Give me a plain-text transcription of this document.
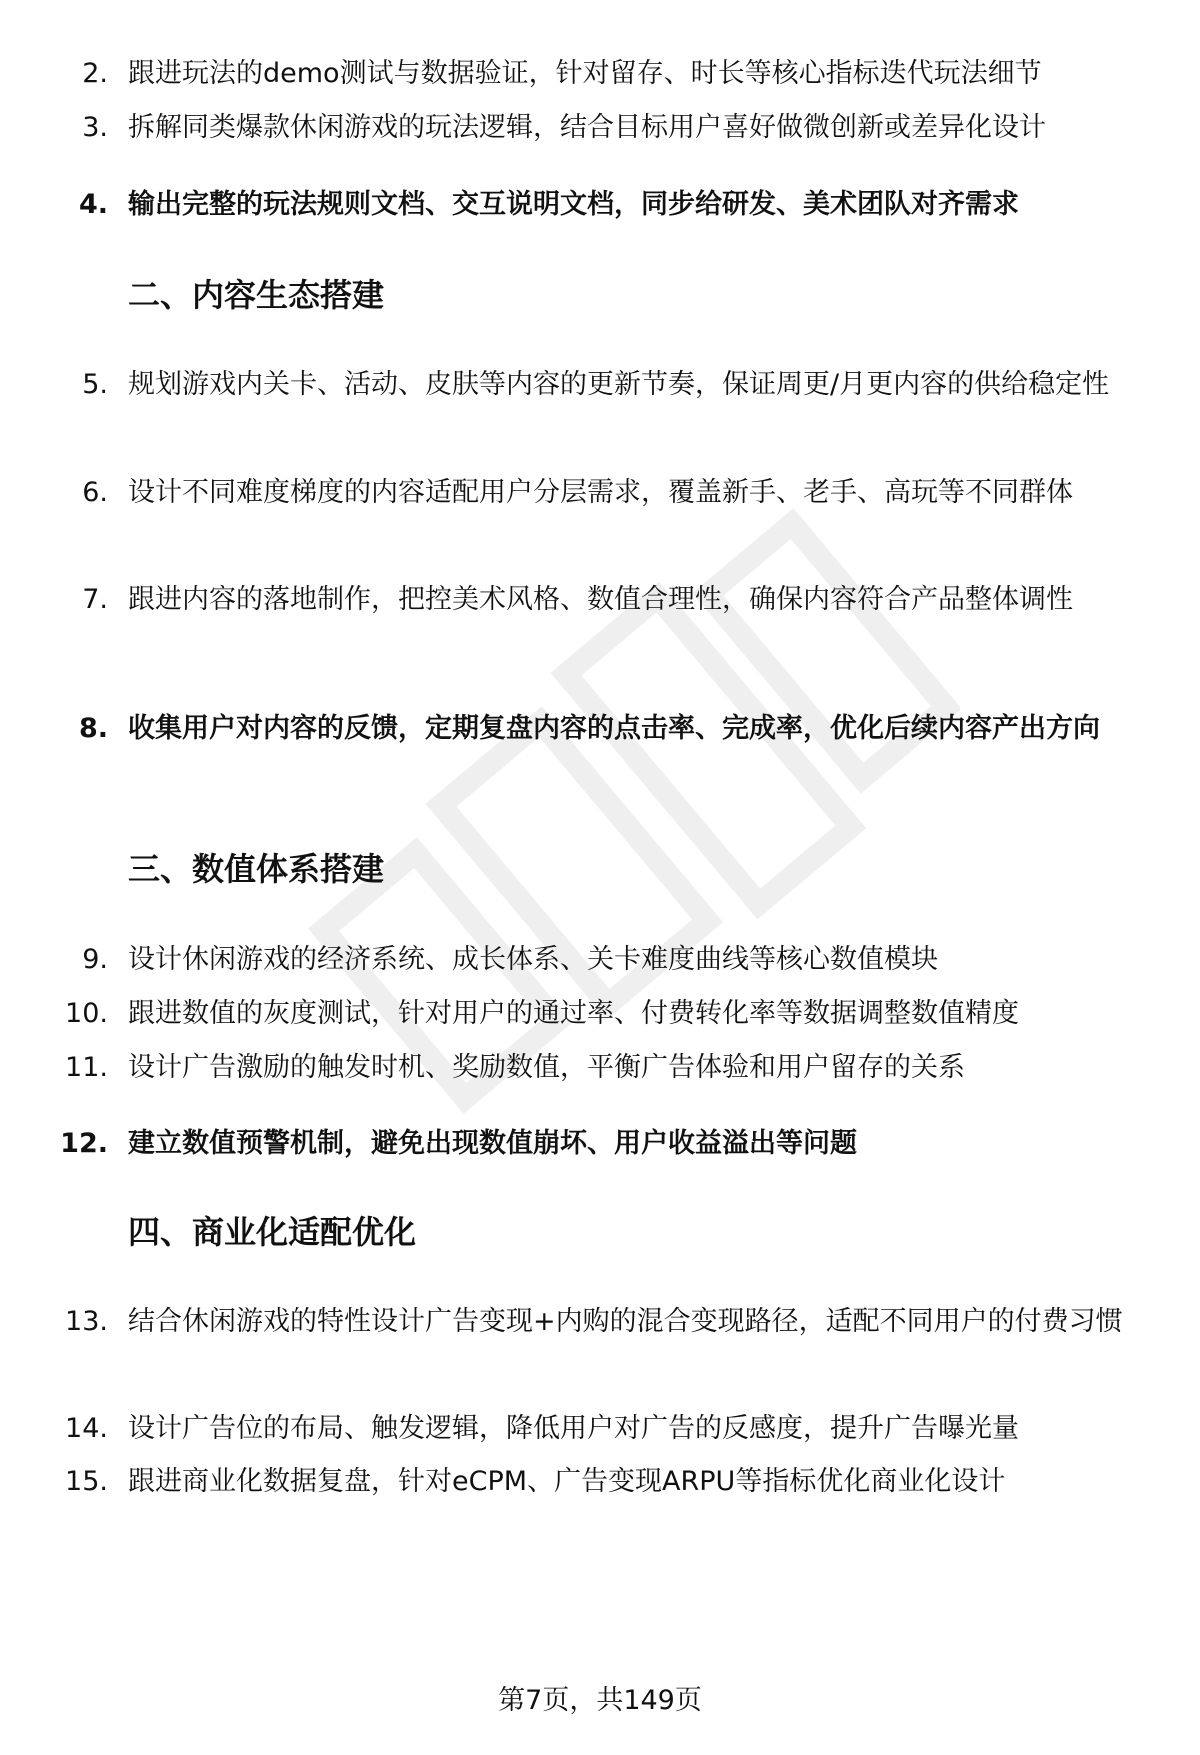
2. 跟进玩法的demo测试与数据验证，针对留存、时长等核心指标迭代玩法细节
3. 拆解同类爆款休闲游戏的玩法逻辑，结合目标用户喜好做微创新或差异化设计
4. 输出完整的玩法规则文档、交互说明文档，同步给研发、美术团队对齐需求
二、内容生态搭建
5. 规划游戏内关卡、活动、皮肤等内容的更新节奏，保证周更/月更内容的供给稳定性
6. 设计不同难度梯度的内容适配用户分层需求，覆盖新手、老手、高玩等不同群体
7. 跟进内容的落地制作，把控美术风格、数值合理性，确保内容符合产品整体调性
8. 收集用户对内容的反馈，定期复盘内容的点击率、完成率，优化后续内容产出方向
三、数值体系搭建
9. 设计休闲游戏的经济系统、成长体系、关卡难度曲线等核心数值模块
10. 跟进数值的灰度测试，针对用户的通过率、付费转化率等数据调整数值精度
11. 设计广告激励的触发时机、奖励数值，平衡广告体验和用户留存的关系
12. 建立数值预警机制，避免出现数值崩坏、用户收益溢出等问题
四、商业化适配优化
13. 结合休闲游戏的特性设计广告变现+内购的混合变现路径，适配不同用户的付费习惯
14. 设计广告位的布局、触发逻辑，降低用户对广告的反感度，提升广告曝光量
15. 跟进商业化数据复盘，针对eCPM、广告变现ARPU等指标优化商业化设计
第7页，共149页
